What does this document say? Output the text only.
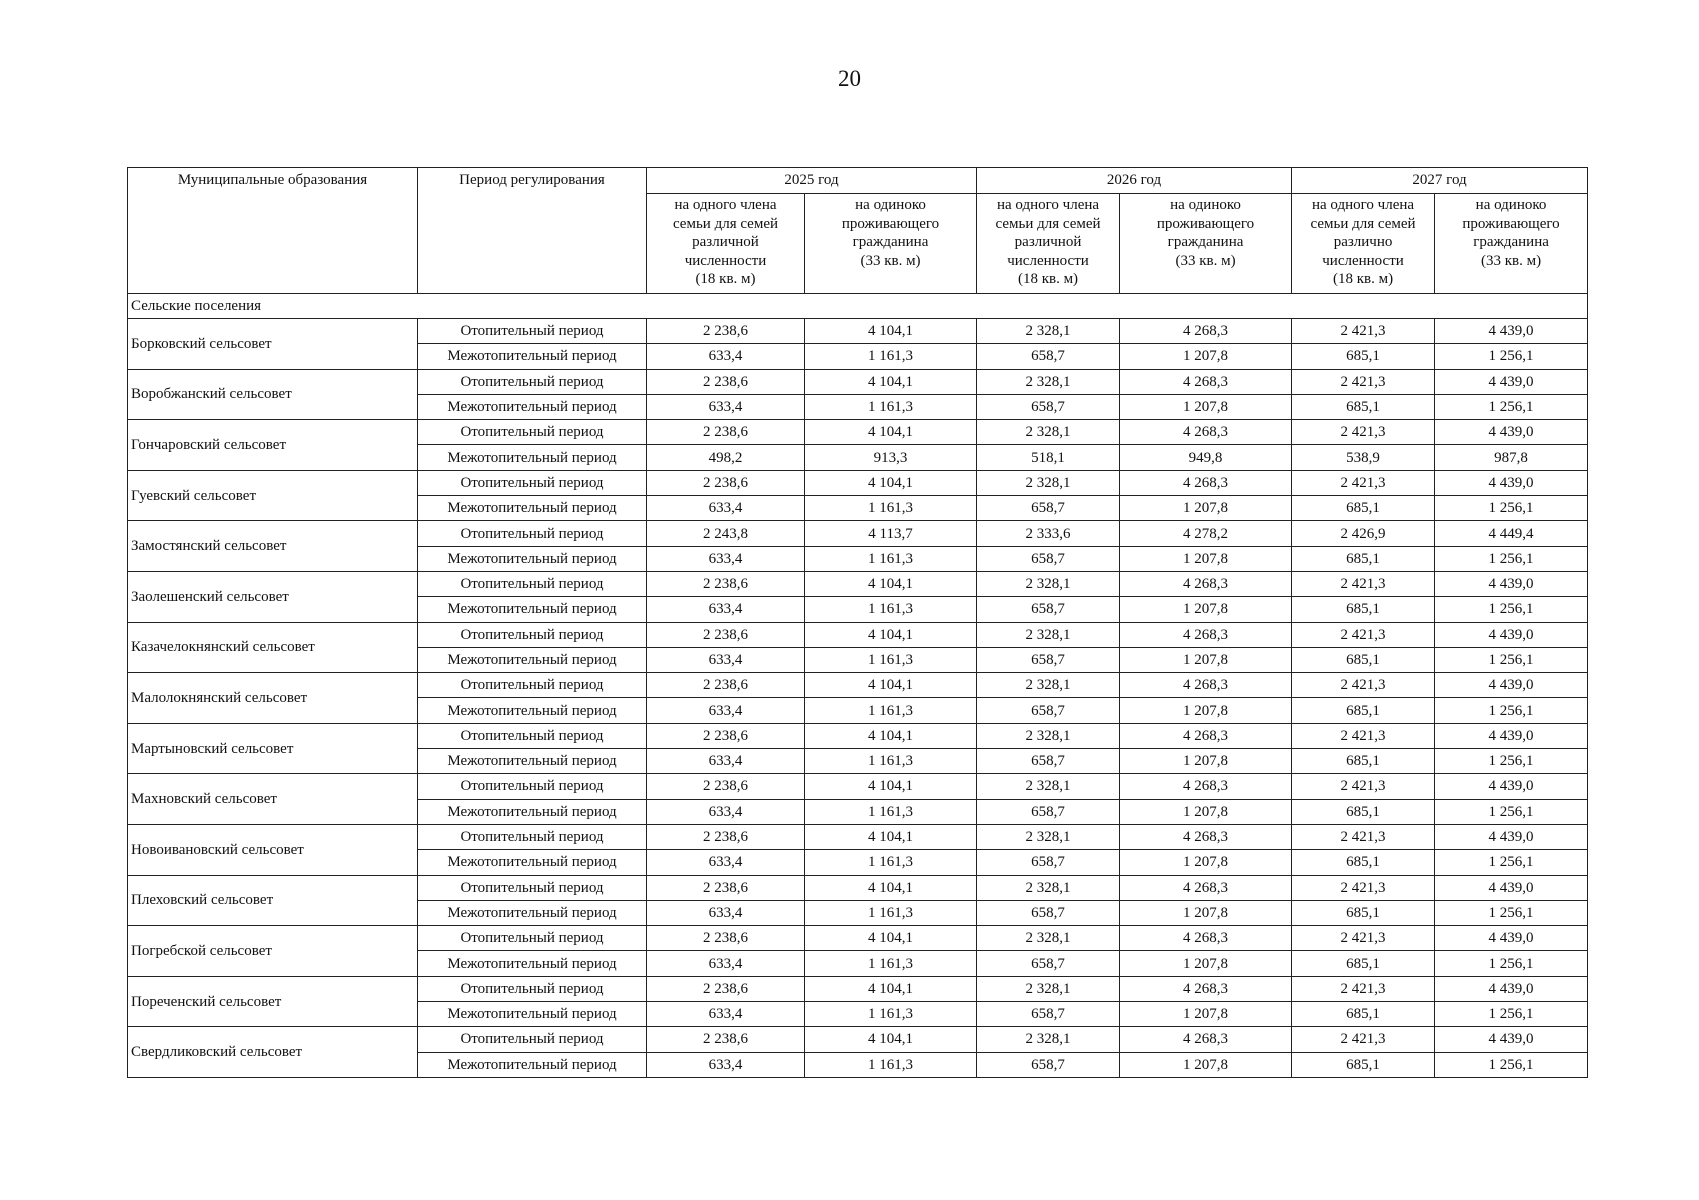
20
Муниципальные образования	Период регулирования	2025 год		2026 год		2027 год	
		на одного члена
семьи для семей
различной
численности
(18 кв. м)	на одиноко
проживающего
гражданина
(33 кв. м)	на одного члена
семьи для семей
различной
численности
(18 кв. м)	на одиноко
проживающего
гражданина
(33 кв. м)	на одного члена
семьи для семей
различно
численности
(18 кв. м)	на одиноко
проживающего
гражданина
(33 кв. м)
Сельские поселения							
Борковский сельсовет	Отопительный период	2 238,6	4 104,1	2 328,1	4 268,3	2 421,3	4 439,0
	Межотопительный период	633,4	1 161,3	658,7	1 207,8	685,1	1 256,1
Воробжанский сельсовет	Отопительный период	2 238,6	4 104,1	2 328,1	4 268,3	2 421,3	4 439,0
	Межотопительный период	633,4	1 161,3	658,7	1 207,8	685,1	1 256,1
Гончаровский сельсовет	Отопительный период	2 238,6	4 104,1	2 328,1	4 268,3	2 421,3	4 439,0
	Межотопительный период	498,2	913,3	518,1	949,8	538,9	987,8
Гуевский сельсовет	Отопительный период	2 238,6	4 104,1	2 328,1	4 268,3	2 421,3	4 439,0
	Межотопительный период	633,4	1 161,3	658,7	1 207,8	685,1	1 256,1
Замостянский сельсовет	Отопительный период	2 243,8	4 113,7	2 333,6	4 278,2	2 426,9	4 449,4
	Межотопительный период	633,4	1 161,3	658,7	1 207,8	685,1	1 256,1
Заолешенский сельсовет	Отопительный период	2 238,6	4 104,1	2 328,1	4 268,3	2 421,3	4 439,0
	Межотопительный период	633,4	1 161,3	658,7	1 207,8	685,1	1 256,1
Казачелокнянский сельсовет	Отопительный период	2 238,6	4 104,1	2 328,1	4 268,3	2 421,3	4 439,0
	Межотопительный период	633,4	1 161,3	658,7	1 207,8	685,1	1 256,1
Малолокнянский сельсовет	Отопительный период	2 238,6	4 104,1	2 328,1	4 268,3	2 421,3	4 439,0
	Межотопительный период	633,4	1 161,3	658,7	1 207,8	685,1	1 256,1
Мартыновский сельсовет	Отопительный период	2 238,6	4 104,1	2 328,1	4 268,3	2 421,3	4 439,0
	Межотопительный период	633,4	1 161,3	658,7	1 207,8	685,1	1 256,1
Махновский сельсовет	Отопительный период	2 238,6	4 104,1	2 328,1	4 268,3	2 421,3	4 439,0
	Межотопительный период	633,4	1 161,3	658,7	1 207,8	685,1	1 256,1
Новоивановский сельсовет	Отопительный период	2 238,6	4 104,1	2 328,1	4 268,3	2 421,3	4 439,0
	Межотопительный период	633,4	1 161,3	658,7	1 207,8	685,1	1 256,1
Плеховский сельсовет	Отопительный период	2 238,6	4 104,1	2 328,1	4 268,3	2 421,3	4 439,0
	Межотопительный период	633,4	1 161,3	658,7	1 207,8	685,1	1 256,1
Погребской сельсовет	Отопительный период	2 238,6	4 104,1	2 328,1	4 268,3	2 421,3	4 439,0
	Межотопительный период	633,4	1 161,3	658,7	1 207,8	685,1	1 256,1
Пореченский сельсовет	Отопительный период	2 238,6	4 104,1	2 328,1	4 268,3	2 421,3	4 439,0
	Межотопительный период	633,4	1 161,3	658,7	1 207,8	685,1	1 256,1
Свердликовский сельсовет	Отопительный период	2 238,6	4 104,1	2 328,1	4 268,3	2 421,3	4 439,0
	Межотопительный период	633,4	1 161,3	658,7	1 207,8	685,1	1 256,1
